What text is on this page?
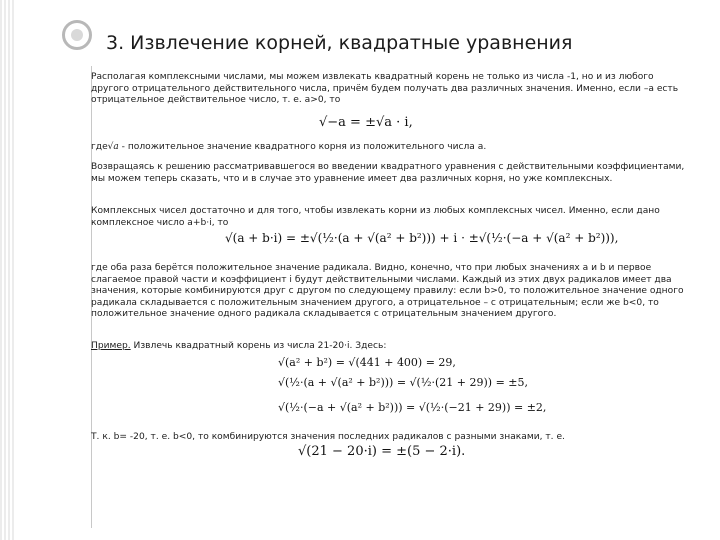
3. Извлечение корней, квадратные уравнения

Располагая комплексными числами, мы можем извлекать квадратный корень не только из числа -1, но и из любого другого отрицательного действительного числа, причём будем получать два различных значения. Именно, если –а есть отрицательное действительное число, т. е. a>0, то

√−a = ±√a · i,

где√a - положительное значение квадратного корня из положительного числа а.

Возвращаясь к решению рассматривавшегося во введении квадратного уравнения с действительными коэффициентами, мы можем теперь сказать, что и в случае это уравнение имеет два различных корня, но уже комплексных.

Комплексных чисел достаточно и для того, чтобы извлекать корни из любых комплексных чисел. Именно, если дано комплексное число a+b·i, то

√(a + b·i) = ±√(½·(a + √(a² + b²))) + i · ±√(½·(−a + √(a² + b²))),

где оба раза берётся положительное значение радикала. Видно, конечно, что при любых значениях a и b и первое слагаемое правой части и коэффициент i будут действительными числами. Каждый из этих двух радикалов имеет два значения, которые комбинируются друг с другом по следующему правилу: если b>0, то положительное значение одного радикала складывается с положительным значением другого, а отрицательное – с отрицательным; если же b<0, то положительное значение одного радикала складывается с отрицательным значением другого.

Пример. Извлечь квадратный корень из числа 21-20·i. Здесь:

√(a² + b²) = √(441 + 400) = 29,
√(½·(a + √(a² + b²))) = √(½·(21 + 29)) = ±5,
√(½·(−a + √(a² + b²))) = √(½·(−21 + 29)) = ±2,

Т. к. b= -20, т. е. b<0, то комбинируются значения последних радикалов с разными знаками, т. е.

√(21 − 20·i) = ±(5 − 2·i).
